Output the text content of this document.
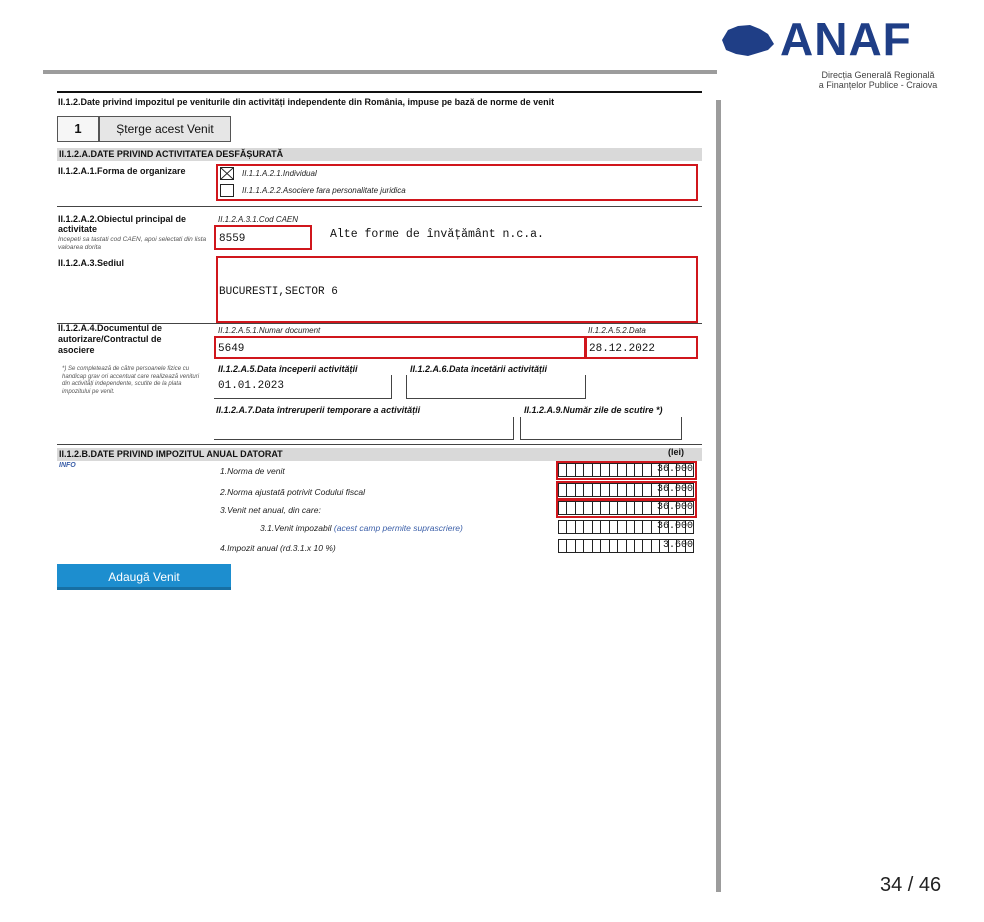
ANAF
Direcția Generală Regională
a Finanțelor Publice - Craiova
II.1.2.Date privind impozitul pe veniturile din activități independente din România, impuse pe bază de norme de venit
1	Șterge acest Venit
II.1.2.A.DATE PRIVIND ACTIVITATEA DESFĂȘURATĂ
II.1.2.A.1.Forma de organizare	II.1.1.A.2.1.Individual
II.1.1.A.2.2.Asociere fara personalitate juridica
II.1.2.A.2.Obiectul principal de activitate
Incepeti sa tastati cod CAEN, apoi selectati din lista valoarea dorita
II.1.2.A.3.1.Cod CAEN
8559	Alte forme de învățământ n.c.a.
II.1.2.A.3.Sediul
BUCURESTI,SECTOR 6
II.1.2.A.4.Documentul de autorizare/Contractul de asociere
II.1.2.A.5.1.Numar document
5649
II.1.2.A.5.2.Data
28.12.2022
*) Se completează de către persoanele fizice cu handicap grav ori accentuat care realizează venituri din activități independente, scutite de la plata impozitului pe venit.
II.1.2.A.5.Data începerii activității
01.01.2023
II.1.2.A.6.Data încetării activității
II.1.2.A.7.Data întreruperii temporare a activității	II.1.2.A.9.Număr zile de scutire *)
II.1.2.B.DATE PRIVIND IMPOZITUL ANUAL DATORAT	(lei)
INFO
1.Norma de venit	36.000
2.Norma ajustată potrivit Codului fiscal	36.000
3.Venit net anual, din care:	36.000
3.1.Venit impozabil (acest camp permite suprascriere)	36.000
4.Impozit anual (rd.3.1.x 10 %)	3.600
Adaugă Venit
34 / 46
